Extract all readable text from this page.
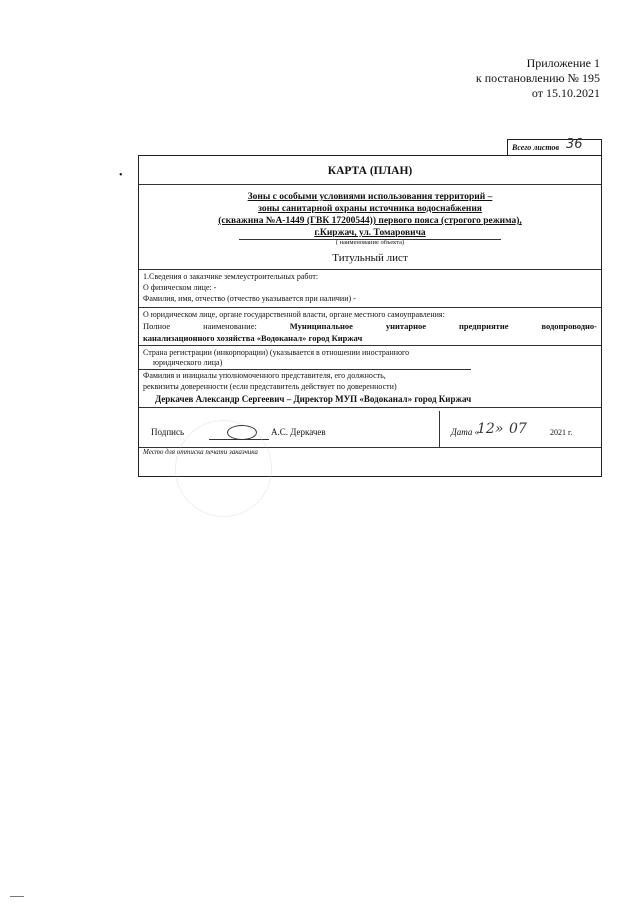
Приложение 1
к постановлению № 195
от 15.10.2021
•
Всего листов 36
КАРТА (ПЛАН)
Зоны с особыми условиями использования территорий –
зоны санитарной охраны источника водоснабжения
(скважина №А-1449 (ГВК 17200544)) первого пояса (строгого режима),
г.Киржач, ул. Томаровича
( наименование объекта)
Титульный лист
1.Сведения о заказчике землеустроительных работ:
О физическом лице: -
Фамилия, имя, отчество (отчество указывается при наличии) -
О юридическом лице, органе государственной власти, органе местного самоуправления:
Полное наименование:	Муниципальное унитарное предприятие водопроводно-
канализационного хозяйства «Водоканал» город Киржач
Страна регистрации (инкорпорации) (указывается в отношении иностранного
юридического лица)
Фамилия и инициалы уполномоченного представителя, его должность,
реквизиты доверенности (если представитель действует по доверенности)
Деркачев Александр Сергеевич – Директор МУП «Водоканал» город Киржач
Подпись	А.С. Деркачев	Дата «
12» 07	2021 г.
Место для оттиска печати заказчика
